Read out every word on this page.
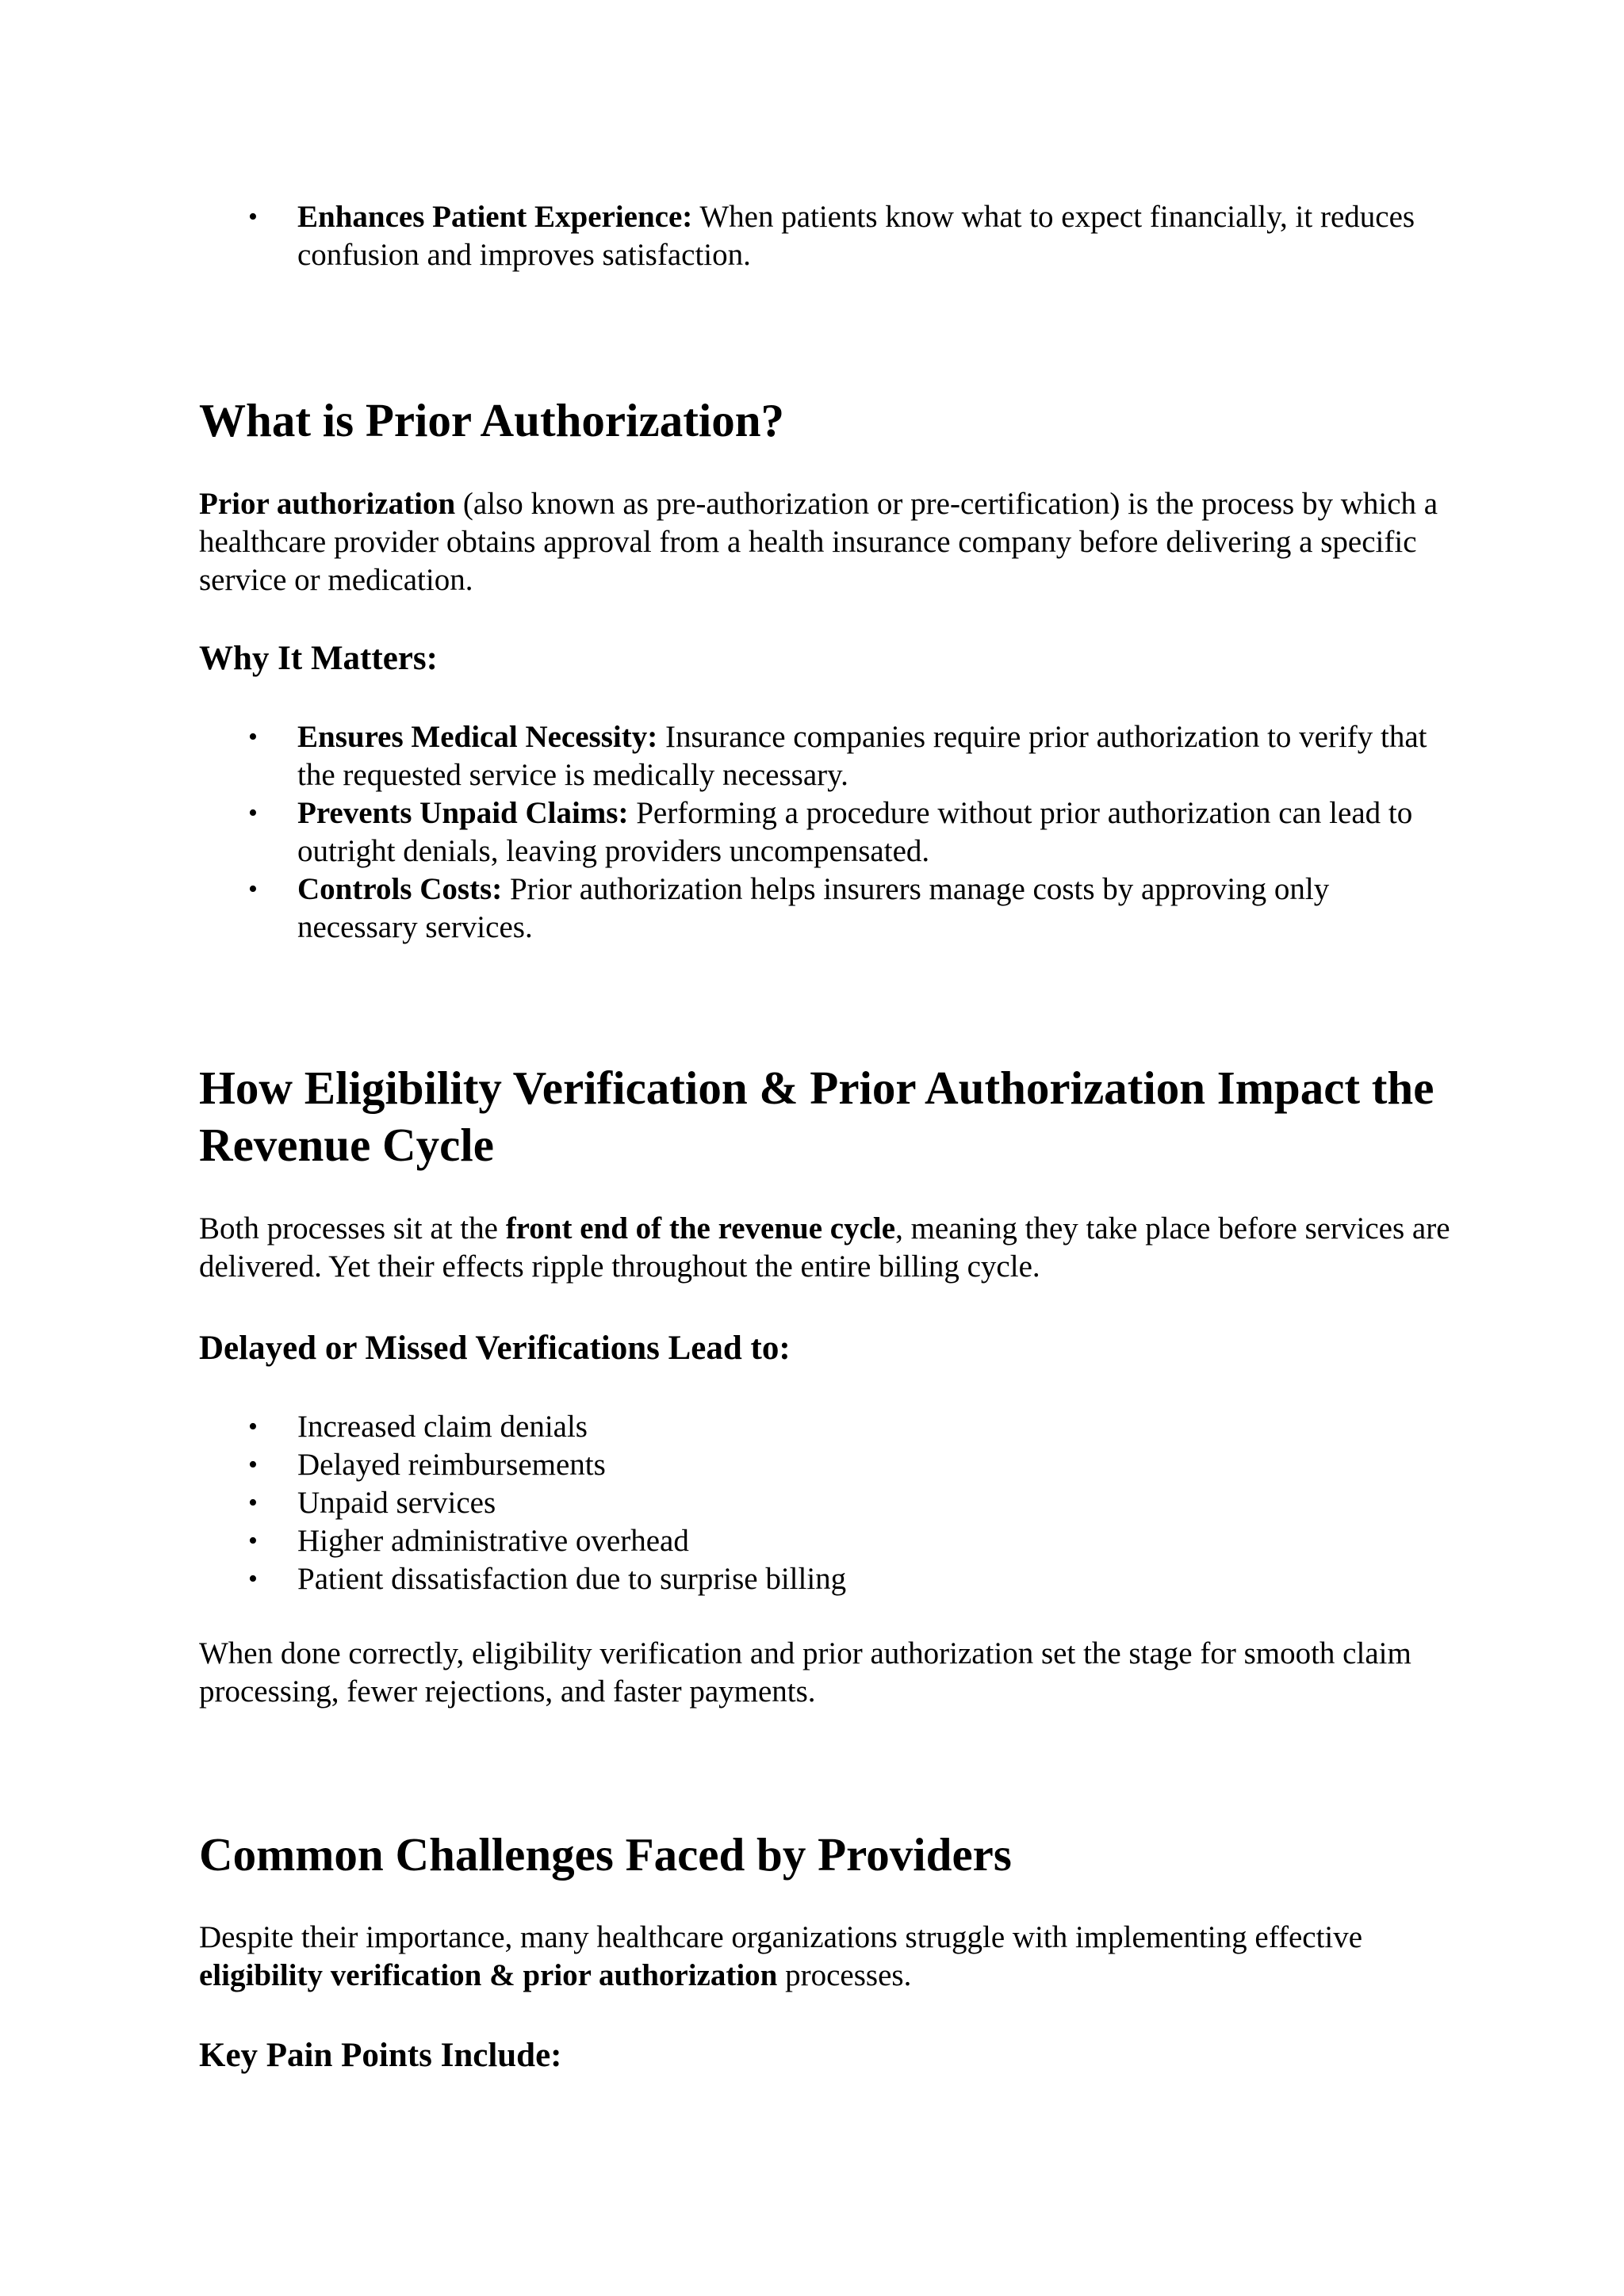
• Enhances Patient Experience: When patients know what to expect financially, it reduces confusion and improves satisfaction.
What is Prior Authorization?

Prior authorization (also known as pre-authorization or pre-certification) is the process by which a healthcare provider obtains approval from a health insurance company before delivering a specific service or medication.

Why It Matters:
• Ensures Medical Necessity: Insurance companies require prior authorization to verify that the requested service is medically necessary.
• Prevents Unpaid Claims: Performing a procedure without prior authorization can lead to outright denials, leaving providers uncompensated.
• Controls Costs: Prior authorization helps insurers manage costs by approving only necessary services.
How Eligibility Verification & Prior Authorization Impact the Revenue Cycle

Both processes sit at the front end of the revenue cycle, meaning they take place before services are delivered. Yet their effects ripple throughout the entire billing cycle.

Delayed or Missed Verifications Lead to:
• Increased claim denials
• Delayed reimbursements
• Unpaid services
• Higher administrative overhead
• Patient dissatisfaction due to surprise billing

When done correctly, eligibility verification and prior authorization set the stage for smooth claim processing, fewer rejections, and faster payments.

Common Challenges Faced by Providers

Despite their importance, many healthcare organizations struggle with implementing effective eligibility verification & prior authorization processes.

Key Pain Points Include:
